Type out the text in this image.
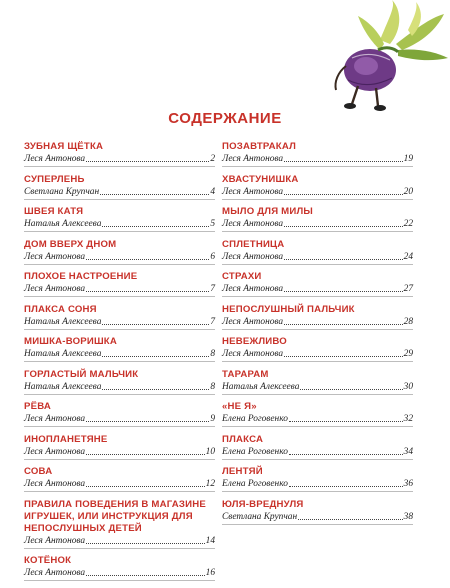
СОДЕРЖАНИЕ
ЗУБНАЯ ЩЁТКА
Леся Антонова	2
СУПЕРЛЕНЬ
Светлана Крупчан	4
ШВЕЯ КАТЯ
Наталья Алексеева	5
ДОМ ВВЕРХ ДНОМ
Леся Антонова	6
ПЛОХОЕ НАСТРОЕНИЕ
Леся Антонова	7
ПЛАКСА СОНЯ
Наталья Алексеева	7
МИШКА-ВОРИШКА
Наталья Алексеева	8
ГОРЛАСТЫЙ МАЛЬЧИК
Наталья Алексеева	8
РЁВА
Леся Антонова	9
ИНОПЛАНЕТЯНЕ
Леся Антонова	10
СОВА
Леся Антонова	12
ПРАВИЛА ПОВЕДЕНИЯ В МАГАЗИНЕ ИГРУШЕК, ИЛИ ИНСТРУКЦИЯ ДЛЯ НЕПОСЛУШНЫХ ДЕТЕЙ
Леся Антонова	14
КОТЁНОК
Леся Антонова	16
ПОЗАВТРАКАЛ
Леся Антонова	19
ХВАСТУНИШКА
Леся Антонова	20
МЫЛО ДЛЯ МИЛЫ
Леся Антонова	22
СПЛЕТНИЦА
Леся Антонова	24
СТРАХИ
Леся Антонова	27
НЕПОСЛУШНЫЙ ПАЛЬЧИК
Леся Антонова	28
НЕВЕЖЛИВО
Леся Антонова	29
ТАРАРАМ
Наталья Алексеева	30
«НЕ Я»
Елена Роговенко	32
ПЛАКСА
Елена Роговенко	34
ЛЕНТЯЙ
Елена Роговенко	36
ЮЛЯ-ВРЕДНУЛЯ
Светлана Крупчан	38
